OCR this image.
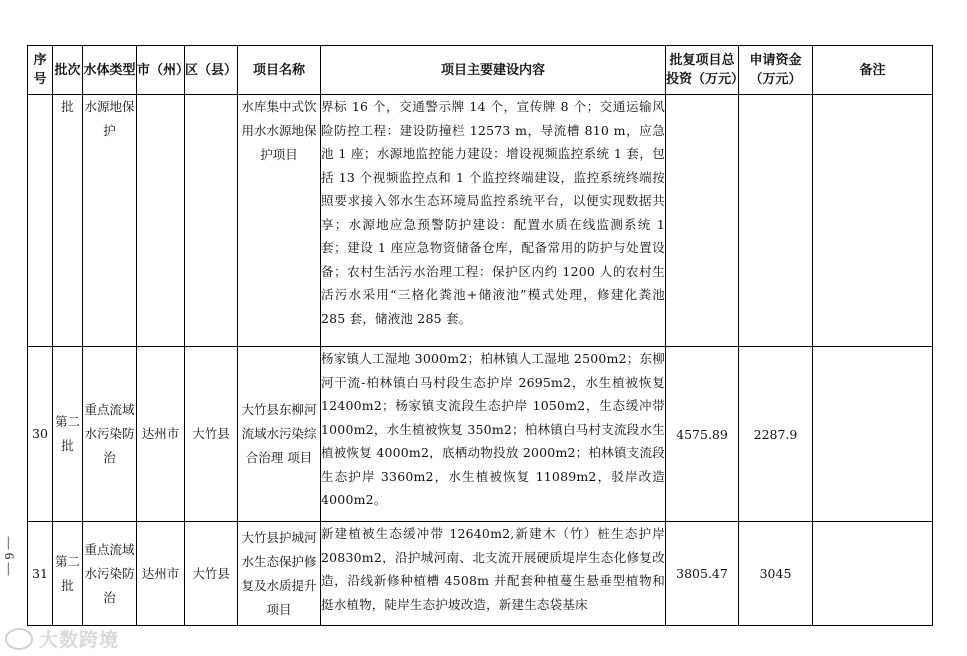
序号	批次	水体类型	市（州）	区（县）	项目名称	项目主要建设内容	批复项目总投资（万元）	申请资金（万元）	备注
	批	水源地保护			水库集中式饮用水水源地保护项目	界标 16 个，交通警示牌 14 个，宣传牌 8 个；交通运输风险防控工程：建设防撞栏 12573 m，导流槽 810 m，应急池 1 座；水源地监控能力建设：增设视频监控系统 1 套，包括 13 个视频监控点和 1 个监控终端建设，监控系统终端按照要求接入邻水生态环境局监控系统平台，以便实现数据共享；水源地应急预警防护建设：配置水质在线监测系统 1 套；建设 1 座应急物资储备仓库，配备常用的防护与处置设备；农村生活污水治理工程：保护区内约 1200 人的农村生活污水采用“三格化粪池+储液池”模式处理，修建化粪池 285 套，储液池 285 套。			
30	第二批	重点流域水污染防治	达州市	大竹县	大竹县东柳河流域水污染综合治理 项目	杨家镇人工湿地 3000m2；柏林镇人工湿地 2500m2；东柳河干流-柏林镇白马村段生态护岸 2695m2，水生植被恢复 12400m2；杨家镇支流段生态护岸 1050m2，生态缓冲带 1000m2，水生植被恢复 350m2；柏林镇白马村支流段水生植被恢复 4000m2，底栖动物投放 2000m2；柏林镇支流段生态护岸 3360m2，水生植被恢复 11089m2，驳岸改造 4000m2。	4575.89	2287.9	
31	第二批	重点流域水污染防治	达州市	大竹县	大竹县护城河水生态保护修复及水质提升项目	新建植被生态缓冲带 12640m2,新建木（竹）桩生态护岸 20830m2，沿护城河南、北支流开展硬质堤岸生态化修复改造，沿线新修种植槽 4508m 并配套种植蔓生悬垂型植物和挺水植物，陡岸生态护坡改造，新建生态袋基床	3805.47	3045	
— 6 —
大数跨境
